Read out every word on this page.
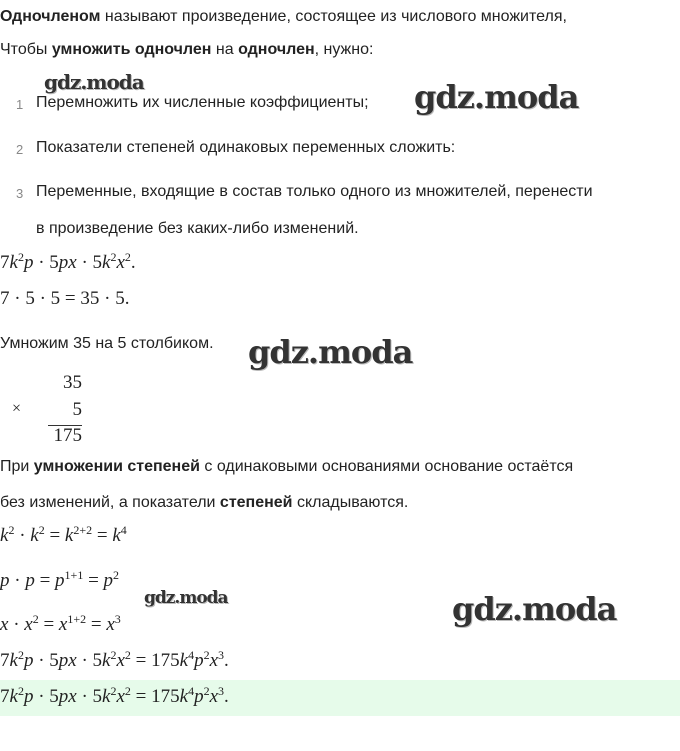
Одночленом называют произведение, состоящее из числового множителя,
Чтобы умножить одночлен на одночлен, нужно:
gdz.moda
1 Перемножить их численные коэффициенты; gdz.moda
2 Показатели степеней одинаковых переменных сложить:
3 Переменные, входящие в состав только одного из множителей, перенести
в произведение без каких-либо изменений.
$7k^2p \cdot 5px \cdot 5k^2x^2$.
7 · 5 · 5 = 35 · 5.
Умножим 35 на 5 столбиком. gdz.moda
35
×	5
175
При умножении степеней с одинаковыми основаниями основание остаётся
без изменений, а показатели степеней складываются.
$k^2 \cdot k^2 = k^{2+2} = k^4$
$p \cdot p = p^{1+1} = p^2$
gdz.moda	gdz.moda
$x \cdot x^2 = x^{1+2} = x^3$
$7k^2p \cdot 5px \cdot 5k^2x^2 = 175k^4p^2x^3$.
$7k^2p \cdot 5px \cdot 5k^2x^2 = 175k^4p^2x^3$.
